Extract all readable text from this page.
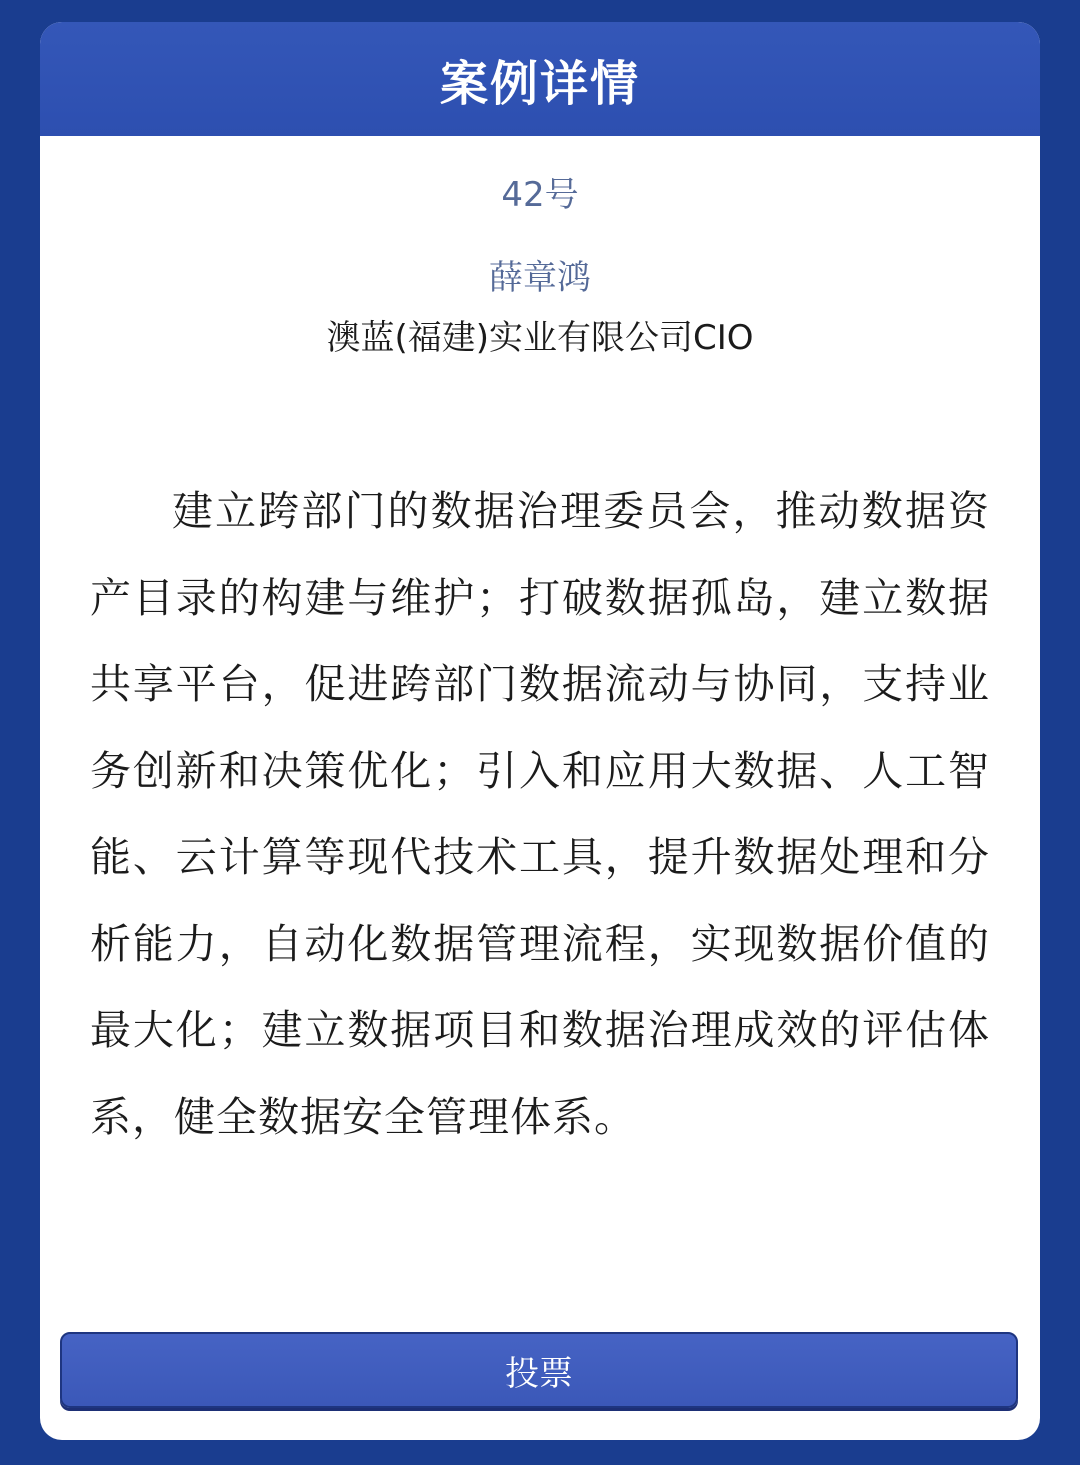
案例详情
42号
薛章鸿
澳蓝(福建)实业有限公司CIO

建立跨部门的数据治理委员会，推动数据资产目录的构建与维护；打破数据孤岛，建立数据共享平台，促进跨部门数据流动与协同，支持业务创新和决策优化；引入和应用大数据、人工智能、云计算等现代技术工具，提升数据处理和分析能力，自动化数据管理流程，实现数据价值的最大化；建立数据项目和数据治理成效的评估体系，健全数据安全管理体系。

投票
